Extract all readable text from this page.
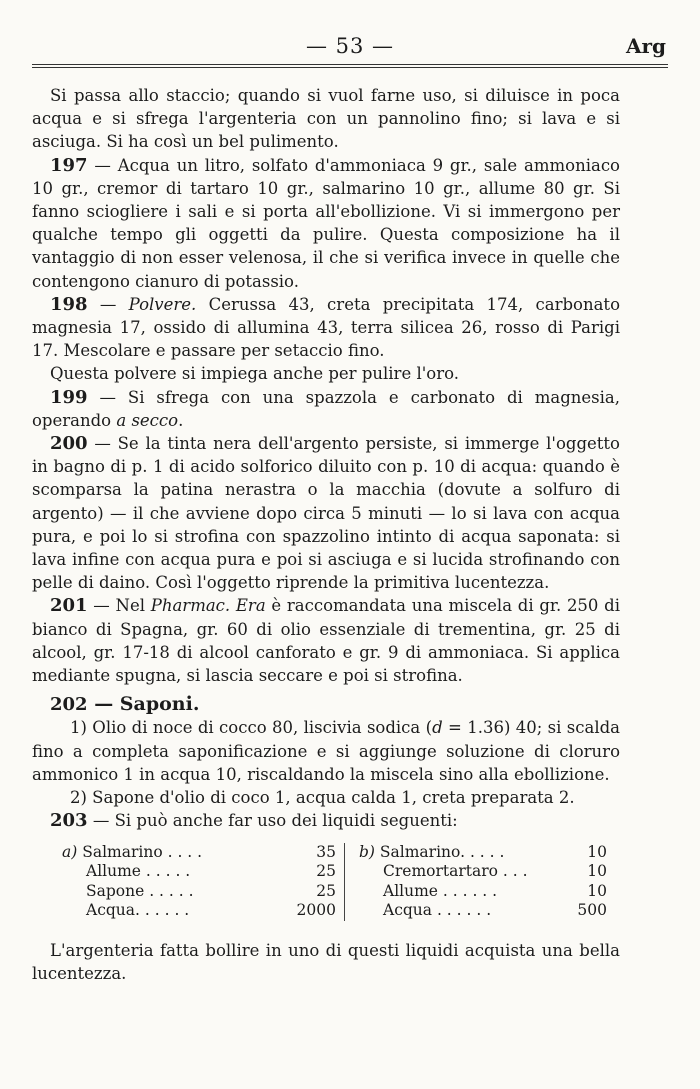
— 53 —	Arg

Si passa allo staccio; quando si vuol farne uso, si diluisce in poca acqua e si sfrega l'argenteria con un pannolino fino; si lava e si asciuga. Si ha così un bel pulimento.

197 — Acqua un litro, solfato d'ammoniaca 9 gr., sale ammoniaco 10 gr., cremor di tartaro 10 gr., salmarino 10 gr., allume 80 gr. Si fanno sciogliere i sali e si porta all'ebollizione. Vi si immergono per qualche tempo gli oggetti da pulire. Questa composizione ha il vantaggio di non esser velenosa, il che si verifica invece in quelle che contengono cianuro di potassio.

198 — Polvere. Cerussa 43, creta precipitata 174, carbonato magnesia 17, ossido di allumina 43, terra silicea 26, rosso di Parigi 17. Mescolare e passare per setaccio fino.

Questa polvere si impiega anche per pulire l'oro.

199 — Si sfrega con una spazzola e carbonato di magnesia, operando a secco.

200 — Se la tinta nera dell'argento persiste, si immerge l'oggetto in bagno di p. 1 di acido solforico diluito con p. 10 di acqua: quando è scomparsa la patina nerastra o la macchia (dovute a solfuro di argento) — il che avviene dopo circa 5 minuti — lo si lava con acqua pura, e poi lo si strofina con spazzolino intinto di acqua saponata: si lava infine con acqua pura e poi si asciuga e si lucida strofinando con pelle di daino. Così l'oggetto riprende la primitiva lucentezza.

201 — Nel Pharmac. Era è raccomandata una miscela di gr. 250 di bianco di Spagna, gr. 60 di olio essenziale di trementina, gr. 25 di alcool, gr. 17-18 di alcool canforato e gr. 9 di ammoniaca. Si applica mediante spugna, si lascia seccare e poi si strofina.

202 — Saponi.

1) Olio di noce di cocco 80, liscivia sodica (d = 1.36) 40; si scalda fino a completa saponificazione e si aggiunge soluzione di cloruro ammonico 1 in acqua 10, riscaldando la miscela sino alla ebollizione.

2) Sapone d'olio di coco 1, acqua calda 1, creta preparata 2.

203 — Si può anche far uso dei liquidi seguenti:

a) Salmarino . . . .	35
Allume . . . . .	25
Sapone . . . . .	25
Acqua. . . . . .	2000

b) Salmarino. . . . .	10
Cremortartaro . . .	10
Allume . . . . . .	10
Acqua . . . . . .	500

L'argenteria fatta bollire in uno di questi liquidi acquista una bella lucentezza.
